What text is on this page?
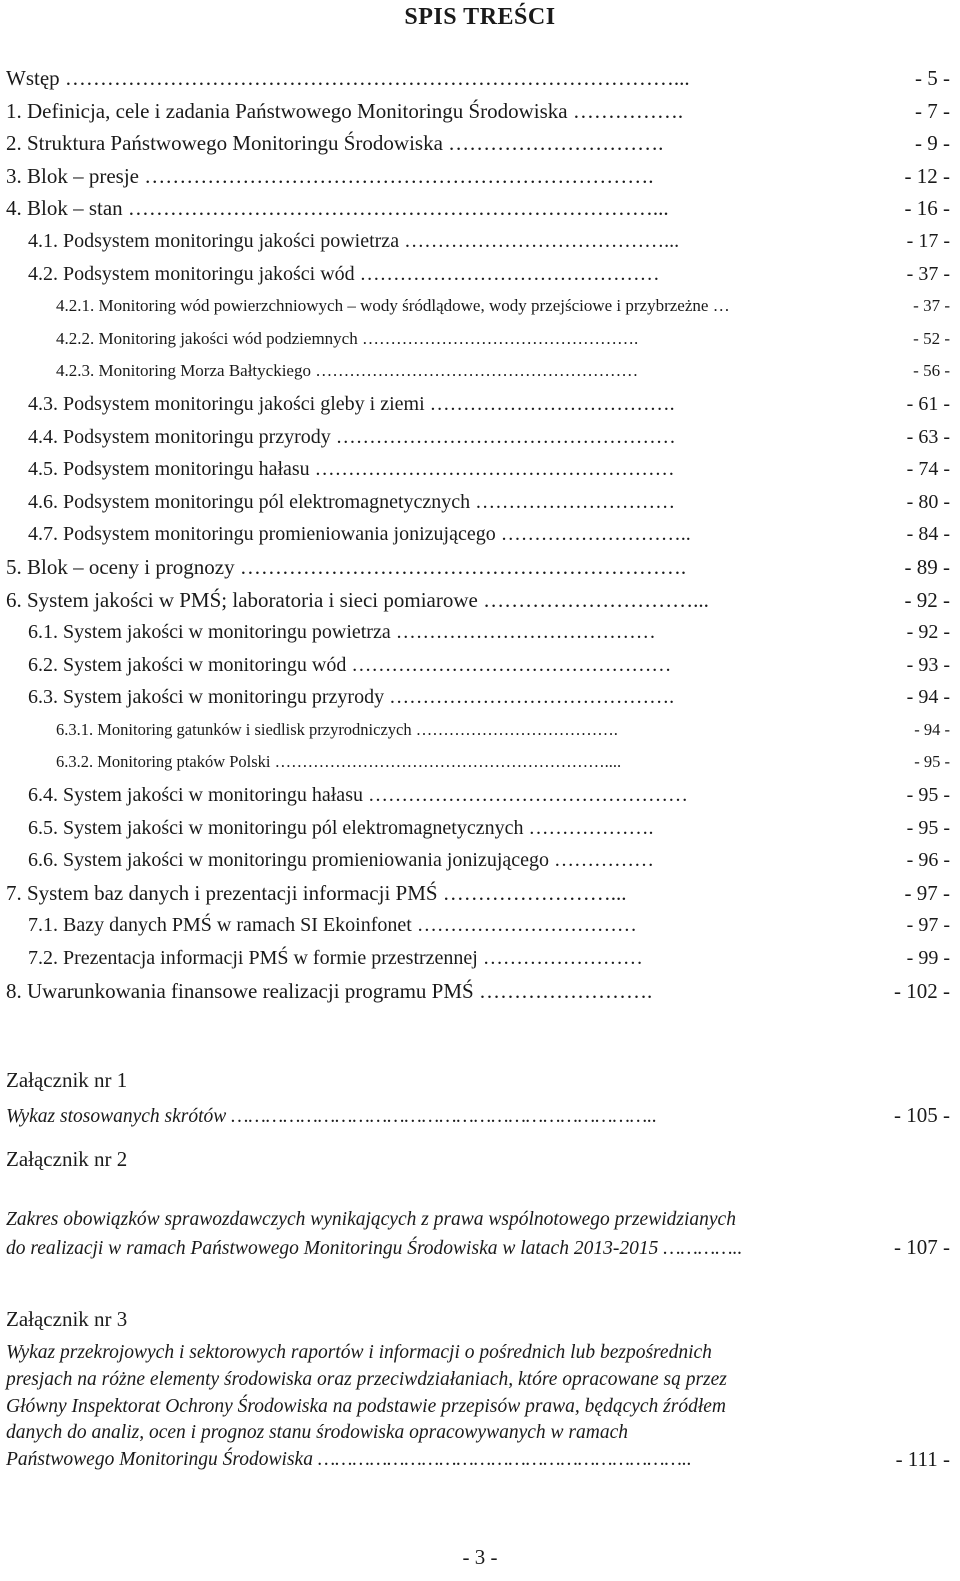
SPIS TREŚCI
Wstęp ……………………………………………………………………………...	- 5 -
1. Definicja, cele i zadania Państwowego Monitoringu Środowiska …………….	- 7 -
2. Struktura Państwowego Monitoringu Środowiska ………………………….	- 9 -
3. Blok – presje ……………………………………………………………….	- 12 -
4. Blok – stan …………………………………………………………………...	- 16 -
4.1. Podsystem monitoringu jakości powietrza …………………………………...	- 17 -
4.2. Podsystem monitoringu jakości wód ………………………………………	- 37 -
4.2.1. Monitoring wód powierzchniowych – wody śródlądowe, wody przejściowe i przybrzeżne …	- 37 -
4.2.2. Monitoring jakości wód podziemnych ………………………………………….	- 52 -
4.2.3. Monitoring Morza Bałtyckiego …………………………………………………	- 56 -
4.3. Podsystem monitoringu jakości gleby i ziemi ……………………………….	- 61 -
4.4. Podsystem monitoringu przyrody ……………………………………………	- 63 -
4.5. Podsystem monitoringu hałasu ………………………………………………	- 74 -
4.6. Podsystem monitoringu pól elektromagnetycznych …………………………	- 80 -
4.7. Podsystem monitoringu promieniowania jonizującego ………………………..	- 84 -
5. Blok – oceny i prognozy ……………………………………………………….	- 89 -
6. System jakości w PMŚ; laboratoria i sieci pomiarowe …………………………...	- 92 -
6.1. System jakości w monitoringu powietrza …………………………………	- 92 -
6.2. System jakości w monitoringu wód …………………………………………	- 93 -
6.3. System jakości w monitoringu przyrody …………………………………….	- 94 -
6.3.1. Monitoring gatunków i siedlisk przyrodniczych ……………………………….	- 94 -
6.3.2. Monitoring ptaków Polski ……………………………………………………....	- 95 -
6.4. System jakości w monitoringu hałasu …………………………………………	- 95 -
6.5. System jakości w monitoringu pól elektromagnetycznych ……………….	- 95 -
6.6. System jakości w monitoringu promieniowania jonizującego ……………	- 96 -
7. System baz danych i prezentacji informacji PMŚ ……………………...	- 97 -
7.1. Bazy danych PMŚ w ramach SI Ekoinfonet ……………………………	- 97 -
7.2. Prezentacja informacji PMŚ w formie przestrzennej ……………………	- 99 -
8. Uwarunkowania finansowe realizacji programu PMŚ …………………….	- 102 -
Załącznik nr 1
Wykaz stosowanych skrótów ………………………………………………………………..	- 105 -
Załącznik nr 2
Zakres obowiązków sprawozdawczych wynikających z prawa wspólnotowego przewidzianych
do realizacji w ramach Państwowego Monitoringu Środowiska w latach 2013-2015 …………..	- 107 -
Załącznik nr 3
Wykaz przekrojowych i sektorowych raportów i informacji o pośrednich lub bezpośrednich
presjach na różne elementy środowiska oraz przeciwdziałaniach, które opracowane są przez
Główny Inspektorat Ochrony Środowiska na podstawie przepisów prawa, będących źródłem
danych do analiz, ocen i prognoz stanu środowiska opracowywanych w ramach
Państwowego Monitoringu Środowiska ………………………………………………………..	- 111 -
- 3 -
